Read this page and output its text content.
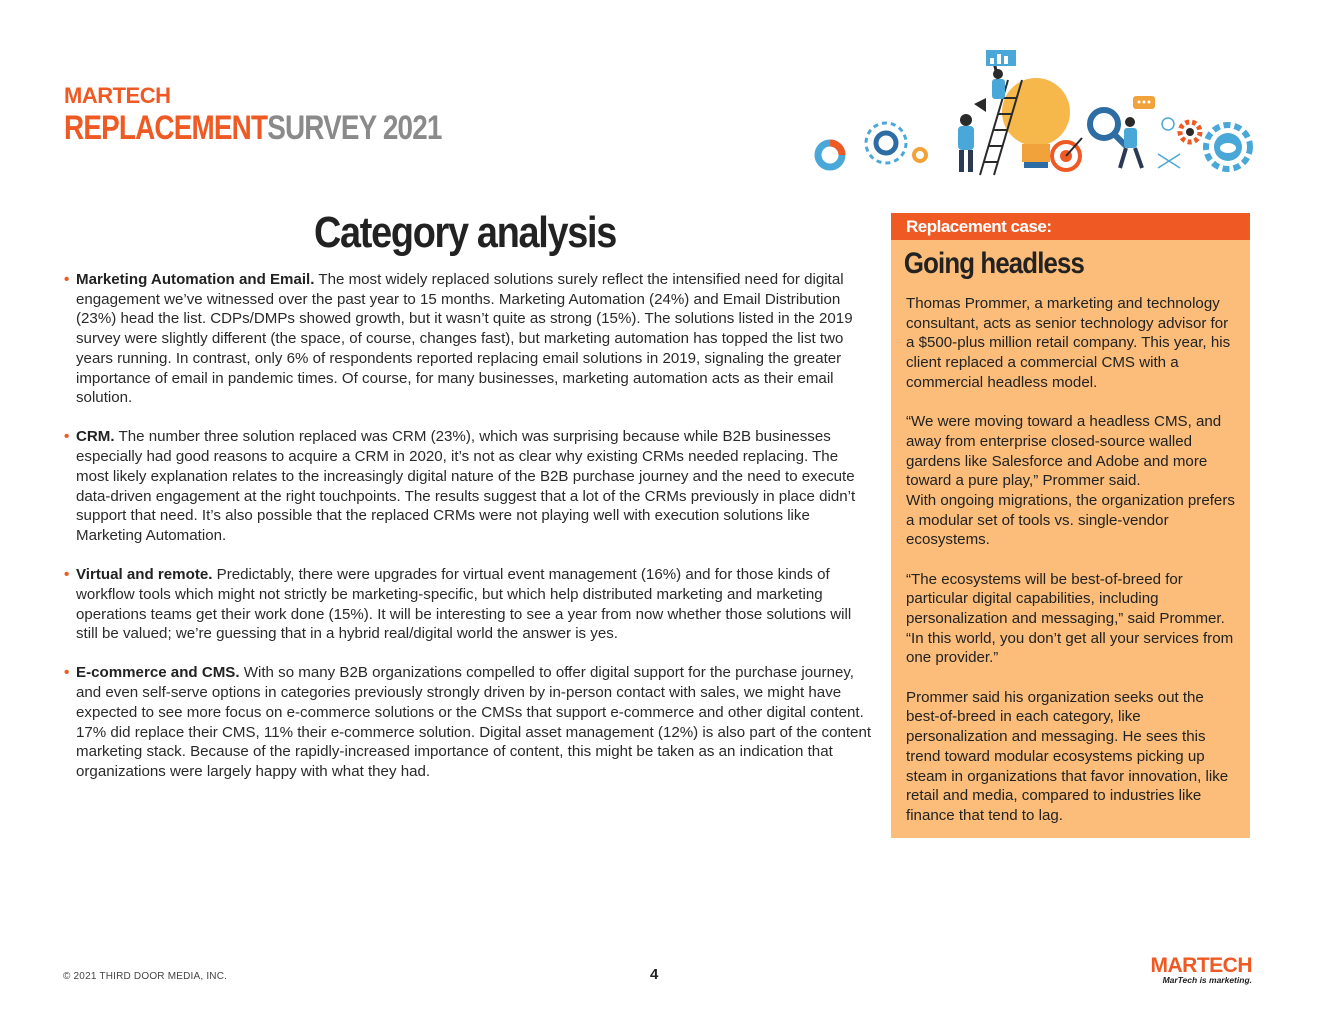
MARTECH
REPLACEMENTSURVEY 2021
Category analysis
• Marketing Automation and Email. The most widely replaced solutions surely reflect the intensified need for digital engagement we’ve witnessed over the past year to 15 months. Marketing Automation (24%) and Email Distribution (23%) head the list. CDPs/DMPs showed growth, but it wasn’t quite as strong (15%). The solutions listed in the 2019 survey were slightly different (the space, of course, changes fast), but marketing automation has topped the list two years running. In contrast, only 6% of respondents reported replacing email solutions in 2019, signaling the greater importance of email in pandemic times. Of course, for many businesses, marketing automation acts as their email solution.
• CRM. The number three solution replaced was CRM (23%), which was surprising because while B2B businesses especially had good reasons to acquire a CRM in 2020, it’s not as clear why existing CRMs needed replacing. The most likely explanation relates to the increasingly digital nature of the B2B purchase journey and the need to execute data-driven engagement at the right touchpoints. The results suggest that a lot of the CRMs previously in place didn’t support that need. It’s also possible that the replaced CRMs were not playing well with execution solutions like Marketing Automation.
• Virtual and remote. Predictably, there were upgrades for virtual event management (16%) and for those kinds of workflow tools which might not strictly be marketing-specific, but which help distributed marketing and marketing operations teams get their work done (15%). It will be interesting to see a year from now whether those solutions will still be valued; we’re guessing that in a hybrid real/digital world the answer is yes.
• E-commerce and CMS. With so many B2B organizations compelled to offer digital support for the purchase journey, and even self-serve options in categories previously strongly driven by in-person contact with sales, we might have expected to see more focus on e-commerce solutions or the CMSs that support e-commerce and other digital content. 17% did replace their CMS, 11% their e-commerce solution. Digital asset management (12%) is also part of the content marketing stack. Because of the rapidly-increased importance of content, this might be taken as an indication that organizations were largely happy with what they had.
Replacement case:
Going headless

Thomas Prommer, a marketing and technology consultant, acts as senior technology advisor for a $500-plus million retail company. This year, his client replaced a commercial CMS with a commercial headless model.

“We were moving toward a headless CMS, and away from enterprise closed-source walled gardens like Salesforce and Adobe and more toward a pure play,” Prommer said.
With ongoing migrations, the organization prefers a modular set of tools vs. single-vendor ecosystems.

“The ecosystems will be best-of-breed for particular digital capabilities, including personalization and messaging,” said Prommer. “In this world, you don’t get all your services from one provider.”

Prommer said his organization seeks out the best-of-breed in each category, like personalization and messaging. He sees this trend toward modular ecosystems picking up steam in organizations that favor innovation, like retail and media, compared to industries like finance that tend to lag.

© 2021 THIRD DOOR MEDIA, INC.	4	MARTECH
MarTech is marketing.
